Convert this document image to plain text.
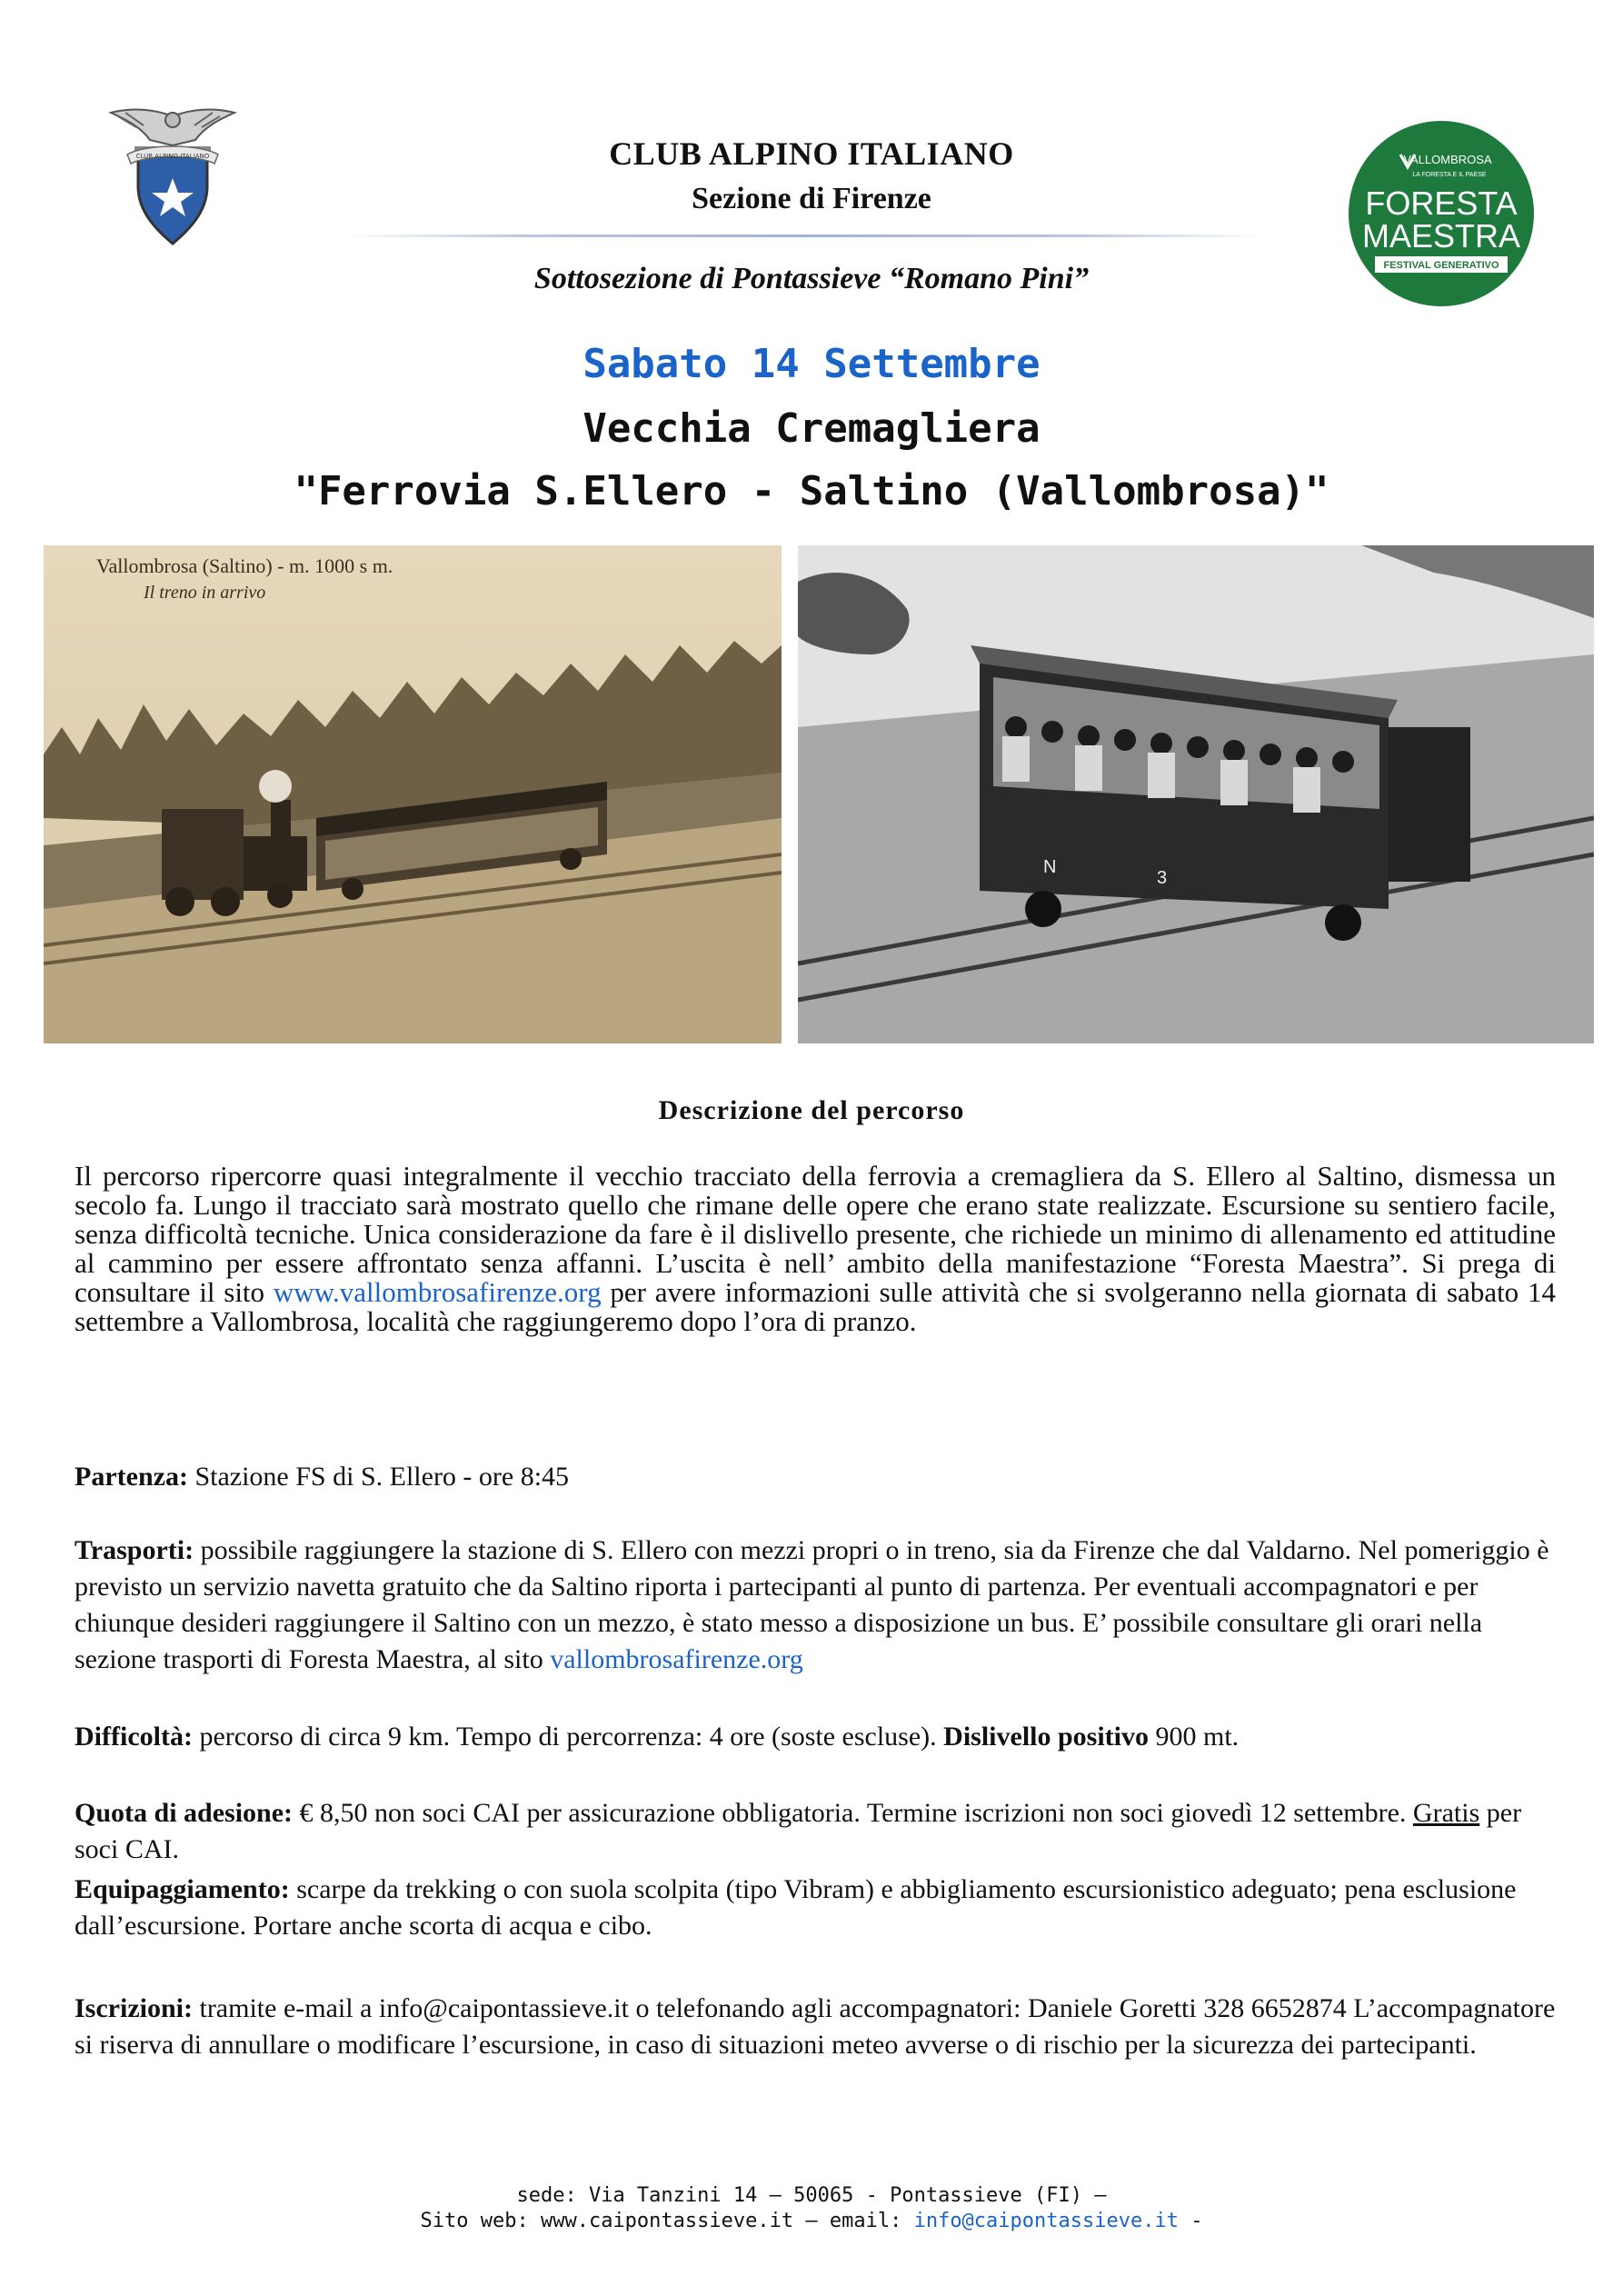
CLUB ALPINO ITALIANO	CLUB ALPINO ITALIANO
Sezione di Firenze
Sottosezione di Pontassieve “Romano Pini”
VALLOMBROSA
LA FORESTA E IL PAESE
FORESTA
MAESTRA
FESTIVAL GENERATIVO
Sabato 14 Settembre
Vecchia Cremagliera
"Ferrovia S.Ellero - Saltino (Vallombrosa)"
Vallombrosa (Saltino) - m. 1000 s m.
Il treno in arrivo
N
3
Descrizione del percorso
Il percorso ripercorre quasi integralmente il vecchio tracciato della ferrovia a cremagliera da S. Ellero al Saltino, dismessa un secolo fa. Lungo il tracciato sarà mostrato quello che rimane delle opere che erano state realizzate. Escursione su sentiero facile, senza difficoltà tecniche. Unica considerazione da fare è il dislivello presente, che richiede un minimo di allenamento ed attitudine al cammino per essere affrontato senza affanni. L’uscita è nell’ ambito della manifestazione “Foresta Maestra”. Si prega di consultare il sito www.vallombrosafirenze.org per avere informazioni sulle attività che si svolgeranno nella giornata di sabato 14 settembre a Vallombrosa, località che raggiungeremo dopo l’ora di pranzo.
Partenza: Stazione FS di S. Ellero - ore 8:45
Trasporti: possibile raggiungere la stazione di S. Ellero con mezzi propri o in treno, sia da Firenze che dal Valdarno. Nel pomeriggio è previsto un servizio navetta gratuito che da Saltino riporta i partecipanti al punto di partenza. Per eventuali accompagnatori e per chiunque desideri raggiungere il Saltino con un mezzo, è stato messo a disposizione un bus. E’ possibile consultare gli orari nella sezione trasporti di Foresta Maestra, al sito vallombrosafirenze.org
Difficoltà: percorso di circa 9 km. Tempo di percorrenza: 4 ore (soste escluse). Dislivello positivo 900 mt.
Quota di adesione: € 8,50 non soci CAI per assicurazione obbligatoria. Termine iscrizioni non soci giovedì 12 settembre. Gratis per soci CAI.
Equipaggiamento: scarpe da trekking o con suola scolpita (tipo Vibram) e abbigliamento escursionistico adeguato; pena esclusione dall’escursione. Portare anche scorta di acqua e cibo.
Iscrizioni: tramite e-mail a info@caipontassieve.it o telefonando agli accompagnatori: Daniele Goretti 328 6652874 L’accompagnatore si riserva di annullare o modificare l’escursione, in caso di situazioni meteo avverse o di rischio per la sicurezza dei partecipanti.
sede: Via Tanzini 14 – 50065 - Pontassieve (FI) –
Sito web: www.caipontassieve.it – email: info@caipontassieve.it -
